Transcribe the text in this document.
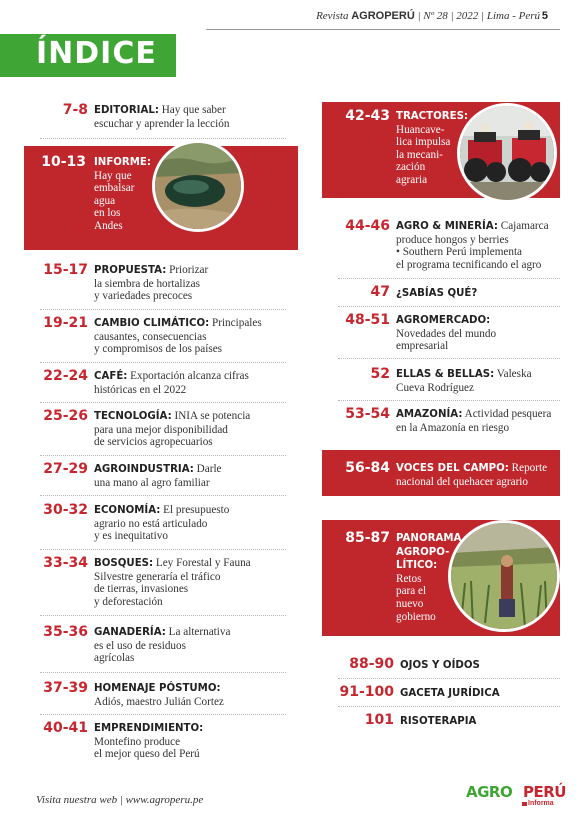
Revista AGROPERÚ | Nº 28 | 2022 | Lima - Perú 5
ÍNDICE
7-8 EDITORIAL: Hay que saber
escuchar y aprender la lección
10-13 INFORME:
Hay que
embalsar
agua
en los
Andes
15-17 PROPUESTA: Priorizar
la siembra de hortalizas
y variedades precoces
19-21 CAMBIO CLIMÁTICO: Principales
causantes, consecuencias
y compromisos de los países
22-24 CAFÉ: Exportación alcanza cifras
históricas en el 2022
25-26 TECNOLOGÍA: INIA se potencia
para una mejor disponibilidad
de servicios agropecuarios
27-29 AGROINDUSTRIA: Darle
una mano al agro familiar
30-32 ECONOMÍA: El presupuesto
agrario no está articulado
y es inequitativo
33-34 BOSQUES: Ley Forestal y Fauna
Silvestre generaría el tráfico
de tierras, invasiones
y deforestación
35-36 GANADERÍA: La alternativa
es el uso de residuos
agrícolas
37-39 HOMENAJE PÓSTUMO:
Adiós, maestro Julián Cortez
40-41 EMPRENDIMIENTO:
Montefino produce
el mejor queso del Perú
42-43 TRACTORES:
Huancave-
lica impulsa
la mecani-
zación
agraria
44-46 AGRO & MINERÍA: Cajamarca
produce hongos y berries
• Southern Perú implementa
el programa tecnificando el agro
47 ¿SABÍAS QUÉ?
48-51 AGROMERCADO:
Novedades del mundo
empresarial
52 ELLAS & BELLAS: Valeska
Cueva Rodríguez
53-54 AMAZONÍA: Actividad pesquera
en la Amazonía en riesgo
56-84 VOCES DEL CAMPO: Reporte
nacional del quehacer agrario
85-87 PANORAMA
AGROPO-
LÍTICO:
Retos
para el
nuevo
gobierno
88-90 OJOS Y OÍDOS
91-100 GACETA JURÍDICA
101 RISOTERAPIA
Visita nuestra web | www.agroperu.pe	AGRO PERÚ
Informa
